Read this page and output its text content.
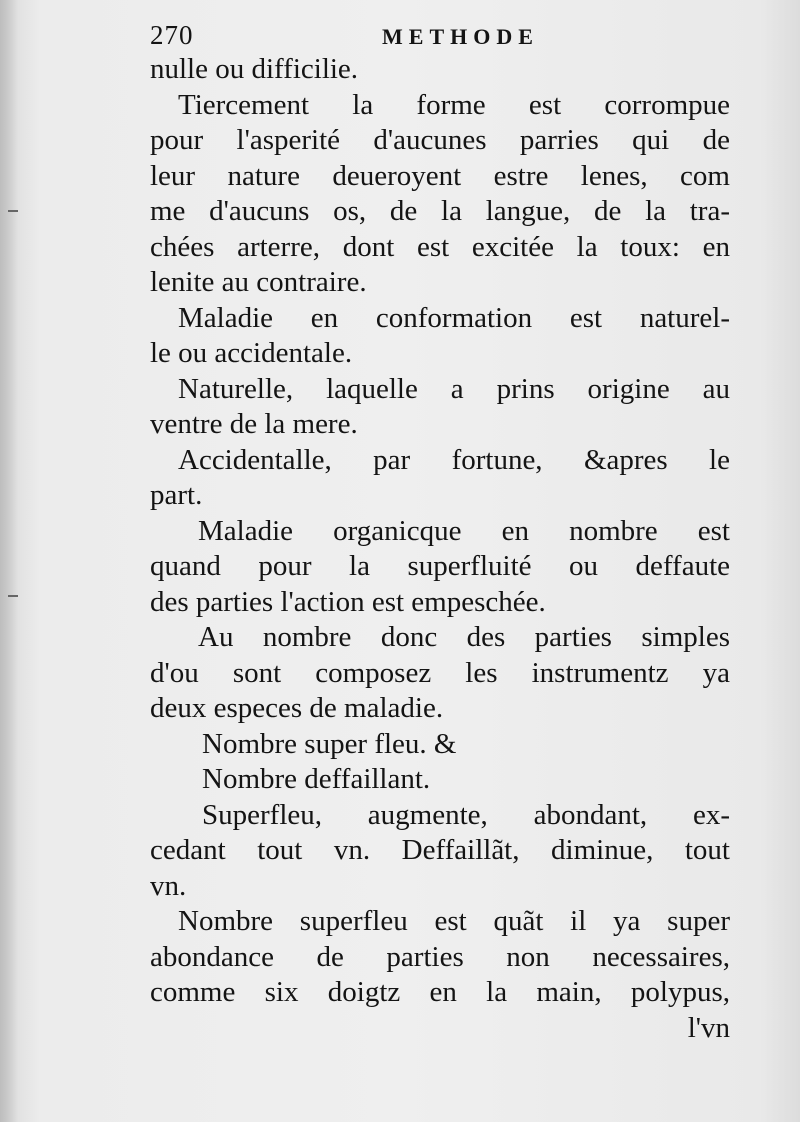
270	METHODE
nulle ou difficilie.
Tiercement la forme est corrompue
pour l'asperité d'aucunes parries qui de
leur nature deueroyent estre lenes, com
me d'aucuns os, de la langue, de la tra-
chées arterre, dont est excitée la toux: en
lenite au contraire.
Maladie en conformation est naturel-
le ou accidentale.
Naturelle, laquelle a prins origine au
ventre de la mere.
Accidentalle, par fortune, &apres le
part.
Maladie organicque en nombre est
quand pour la superfluité ou deffaute
des parties l'action est empeschée.
Au nombre donc des parties simples
d'ou sont composez les instrumentz ya
deux especes de maladie.
Nombre super fleu. &
Nombre deffaillant.
Superfleu, augmente, abondant, ex-
cedant tout vn. Deffaillãt, diminue, tout
vn.
Nombre superfleu est quãt il ya super
abondance de parties non necessaires,
comme six doigtz en la main, polypus,
l'vn
